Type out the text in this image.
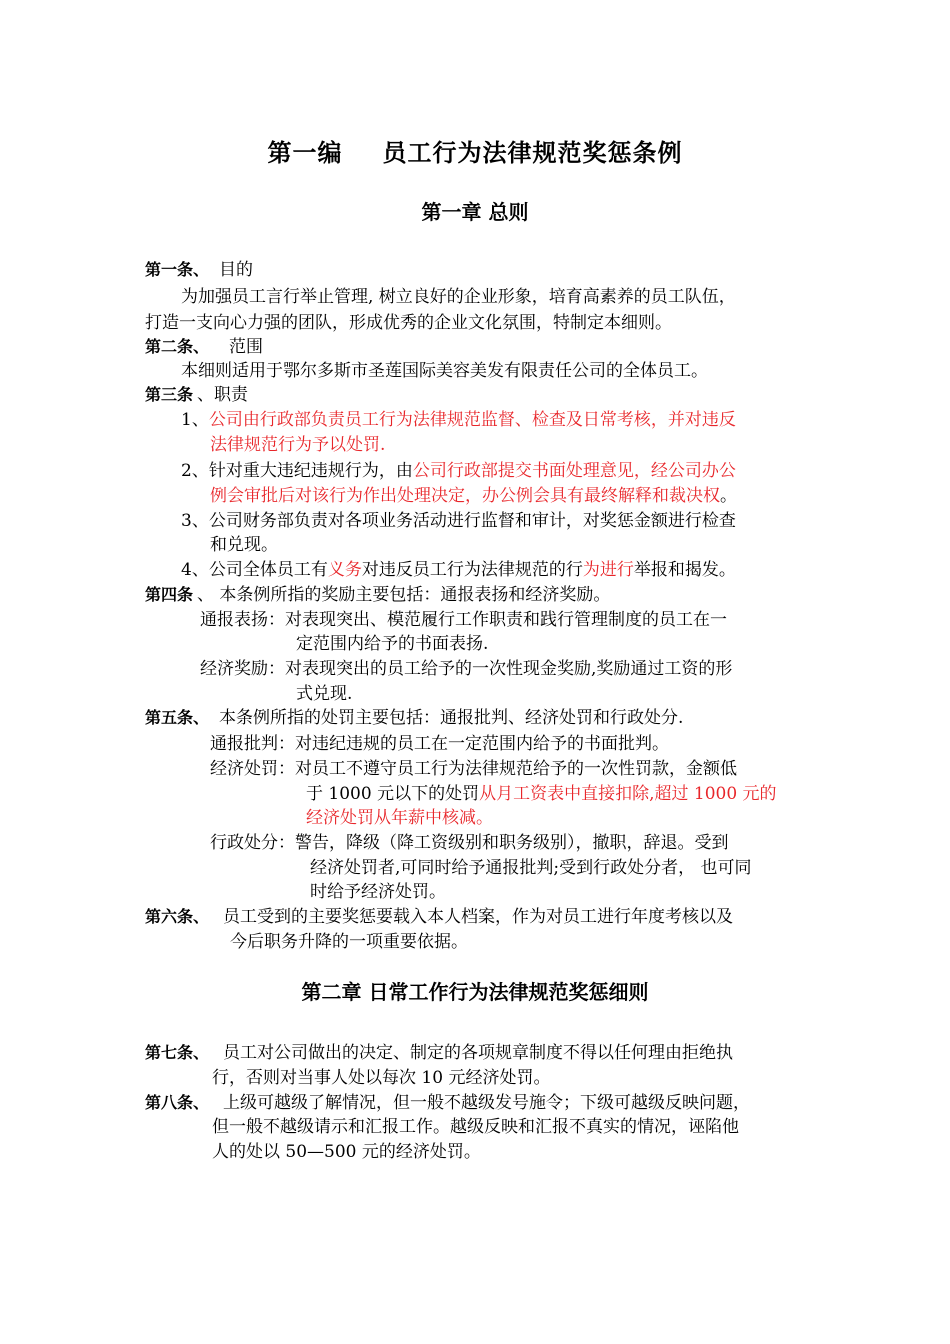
第一编 员工行为法律规范奖惩条例
第一章 总则
第一条、 目的
为加强员工言行举止管理, 树立良好的企业形象，培育高素养的员工队伍，
打造一支向心力强的团队，形成优秀的企业文化氛围，特制定本细则。
第二条、 范围
本细则适用于鄂尔多斯市圣莲国际美容美发有限责任公司的全体员工。
第三条 、职责
1、公司由行政部负责员工行为法律规范监督、检查及日常考核，并对违反
法律规范行为予以处罚.
2、针对重大违纪违规行为，由公司行政部提交书面处理意见，经公司办公
例会审批后对该行为作出处理决定，办公例会具有最终解释和裁决权。
3、公司财务部负责对各项业务活动进行监督和审计，对奖惩金额进行检查
和兑现。
4、公司全体员工有义务对违反员工行为法律规范的行为进行举报和揭发。
第四条 、 本条例所指的奖励主要包括：通报表扬和经济奖励。
通报表扬：对表现突出、模范履行工作职责和践行管理制度的员工在一
定范围内给予的书面表扬.
经济奖励：对表现突出的员工给予的一次性现金奖励,奖励通过工资的形
式兑现.
第五条、 本条例所指的处罚主要包括：通报批判、经济处罚和行政处分.
通报批判：对违纪违规的员工在一定范围内给予的书面批判。
经济处罚：对员工不遵守员工行为法律规范给予的一次性罚款，金额低
于 1000 元以下的处罚从月工资表中直接扣除,超过 1000 元的
经济处罚从年薪中核减。
行政处分：警告，降级（降工资级别和职务级别），撤职，辞退。受到
经济处罚者,可同时给予通报批判;受到行政处分者， 也可同
时给予经济处罚。
第六条、 员工受到的主要奖惩要载入本人档案，作为对员工进行年度考核以及
今后职务升降的一项重要依据。
第二章 日常工作行为法律规范奖惩细则
第七条、 员工对公司做出的决定、制定的各项规章制度不得以任何理由拒绝执
行，否则对当事人处以每次 10 元经济处罚。
第八条、 上级可越级了解情况，但一般不越级发号施令；下级可越级反映问题，
但一般不越级请示和汇报工作。越级反映和汇报不真实的情况，诬陷他
人的处以 50—500 元的经济处罚。
